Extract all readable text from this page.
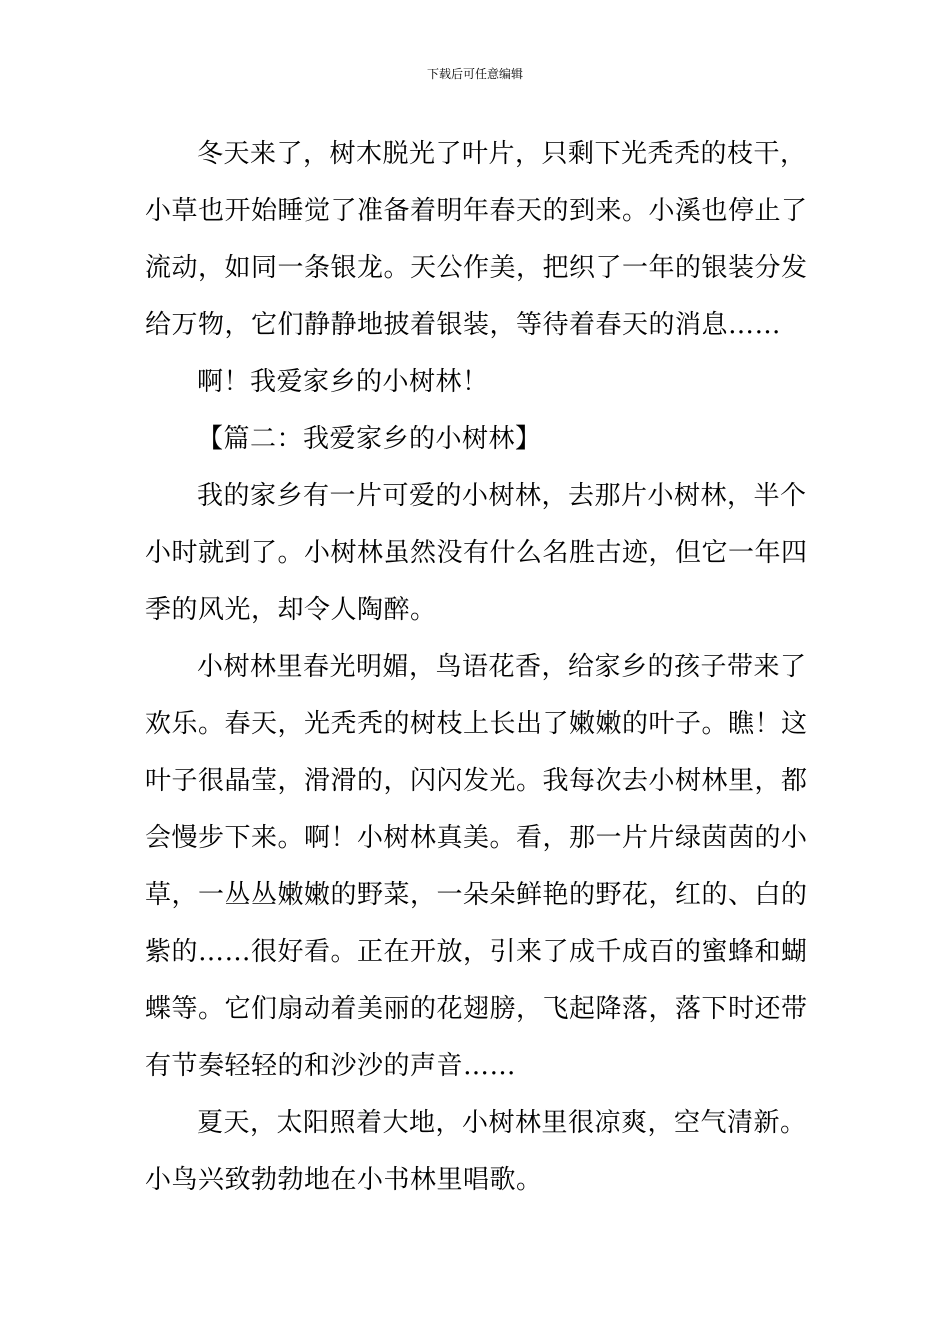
下载后可任意编辑
冬天来了，树木脱光了叶片，只剩下光秃秃的枝干，
小草也开始睡觉了准备着明年春天的到来。小溪也停止了
流动，如同一条银龙。天公作美，把织了一年的银装分发
给万物，它们静静地披着银装，等待着春天的消息……
啊！我爱家乡的小树林！
【篇二：我爱家乡的小树林】
我的家乡有一片可爱的小树林，去那片小树林，半个
小时就到了。小树林虽然没有什么名胜古迹，但它一年四
季的风光，却令人陶醉。
小树林里春光明媚，鸟语花香，给家乡的孩子带来了
欢乐。春天，光秃秃的树枝上长出了嫩嫩的叶子。瞧！这
叶子很晶莹，滑滑的，闪闪发光。我每次去小树林里，都
会慢步下来。啊！小树林真美。看，那一片片绿茵茵的小
草，一丛丛嫩嫩的野菜，一朵朵鲜艳的野花，红的、白的
紫的……很好看。正在开放，引来了成千成百的蜜蜂和蝴
蝶等。它们扇动着美丽的花翅膀，飞起降落，落下时还带
有节奏轻轻的和沙沙的声音……
夏天，太阳照着大地，小树林里很凉爽，空气清新。
小鸟兴致勃勃地在小书林里唱歌。
